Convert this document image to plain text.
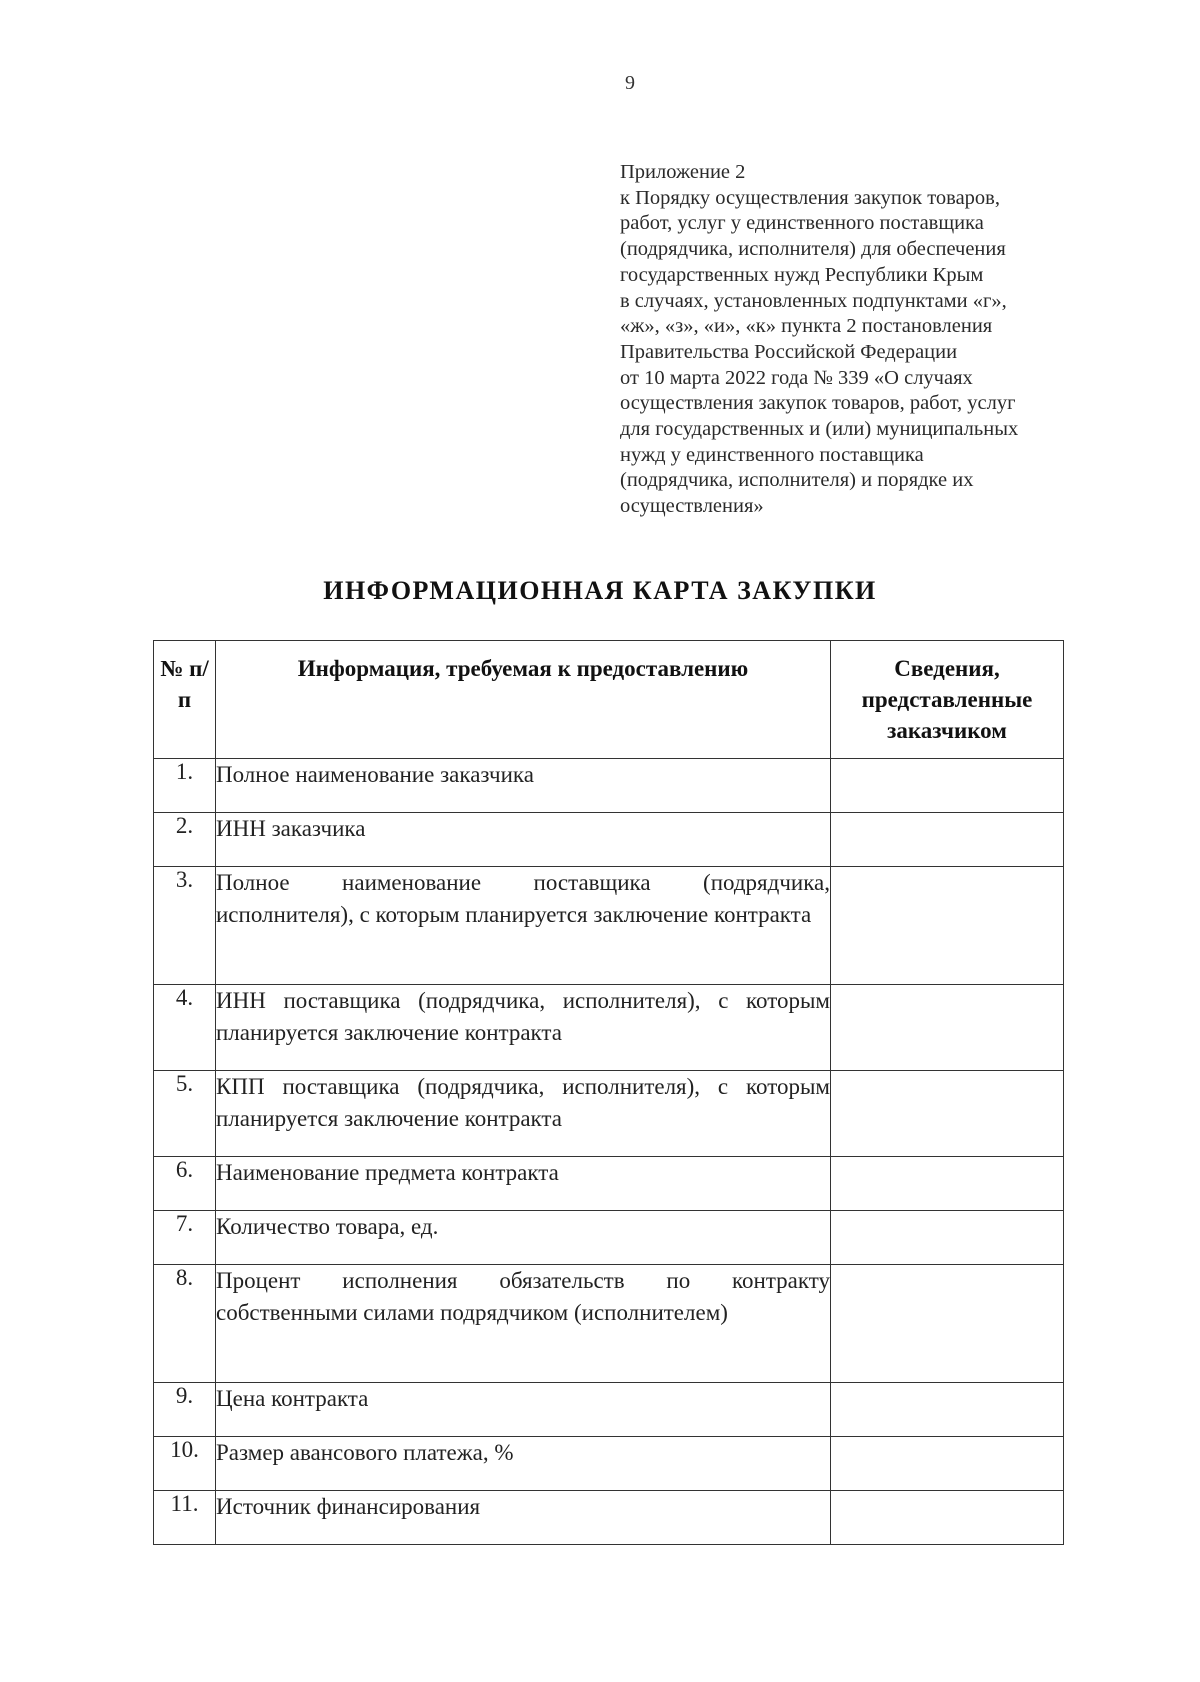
9
Приложение 2
к Порядку осуществления закупок товаров,
работ, услуг у единственного поставщика
(подрядчика, исполнителя) для обеспечения
государственных нужд Республики Крым
в случаях, установленных подпунктами «г»,
«ж», «з», «и», «к» пункта 2 постановления
Правительства Российской Федерации
от 10 марта 2022 года № 339 «О случаях
осуществления закупок товаров, работ, услуг
для государственных и (или) муниципальных
нужд у единственного поставщика
(подрядчика, исполнителя) и порядке их
осуществления»
ИНФОРМАЦИОННАЯ КАРТА ЗАКУПКИ
№ п/п	Информация, требуемая к предоставлению	Сведения, представленные заказчиком
1.	Полное наименование заказчика	
2.	ИНН заказчика	
3.	Полное наименование поставщика (подрядчика, исполнителя), с которым планируется заключение контракта	
4.	ИНН поставщика (подрядчика, исполнителя), с которым планируется заключение контракта	
5.	КПП поставщика (подрядчика, исполнителя), с которым планируется заключение контракта	
6.	Наименование предмета контракта	
7.	Количество товара, ед.	
8.	Процент исполнения обязательств по контракту собственными силами подрядчиком (исполнителем)	
9.	Цена контракта	
10.	Размер авансового платежа, %	
11.	Источник финансирования	
